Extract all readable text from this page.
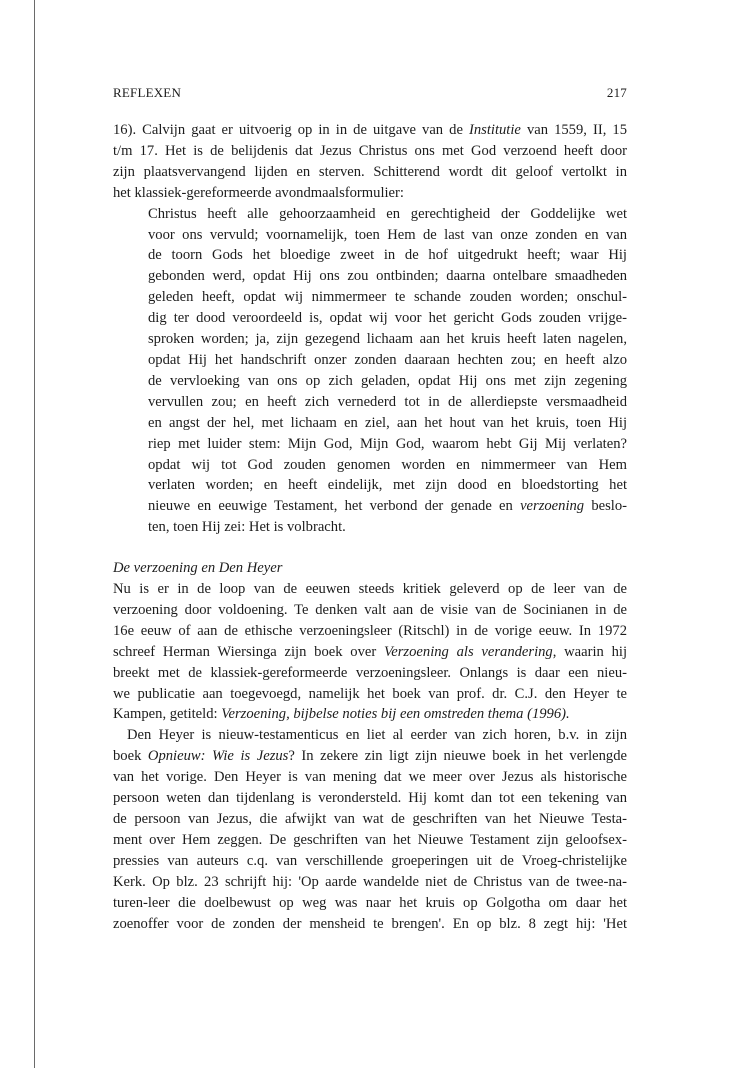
REFLEXEN	217
16). Calvijn gaat er uitvoerig op in in de uitgave van de Institutie van 1559, II, 15
t/m 17. Het is de belijdenis dat Jezus Christus ons met God verzoend heeft door
zijn plaatsvervangend lijden en sterven. Schitterend wordt dit geloof vertolkt in
het klassiek-gereformeerde avondmaalsformulier:
Christus heeft alle gehoorzaamheid en gerechtigheid der Goddelijke wet
voor ons vervuld; voornamelijk, toen Hem de last van onze zonden en van
de toorn Gods het bloedige zweet in de hof uitgedrukt heeft; waar Hij
gebonden werd, opdat Hij ons zou ontbinden; daarna ontelbare smaadheden
geleden heeft, opdat wij nimmermeer te schande zouden worden; onschul-
dig ter dood veroordeeld is, opdat wij voor het gericht Gods zouden vrijge-
sproken worden; ja, zijn gezegend lichaam aan het kruis heeft laten nagelen,
opdat Hij het handschrift onzer zonden daaraan hechten zou; en heeft alzo
de vervloeking van ons op zich geladen, opdat Hij ons met zijn zegening
vervullen zou; en heeft zich vernederd tot in de allerdiepste versmaadheid
en angst der hel, met lichaam en ziel, aan het hout van het kruis, toen Hij
riep met luider stem: Mijn God, Mijn God, waarom hebt Gij Mij verlaten?
opdat wij tot God zouden genomen worden en nimmermeer van Hem
verlaten worden; en heeft eindelijk, met zijn dood en bloedstorting het
nieuwe en eeuwige Testament, het verbond der genade en verzoening beslo-
ten, toen Hij zei: Het is volbracht.
De verzoening en Den Heyer
Nu is er in de loop van de eeuwen steeds kritiek geleverd op de leer van de
verzoening door voldoening. Te denken valt aan de visie van de Socinianen in de
16e eeuw of aan de ethische verzoeningsleer (Ritschl) in de vorige eeuw. In 1972
schreef Herman Wiersinga zijn boek over Verzoening als verandering, waarin hij
breekt met de klassiek-gereformeerde verzoeningsleer. Onlangs is daar een nieu-
we publicatie aan toegevoegd, namelijk het boek van prof. dr. C.J. den Heyer te
Kampen, getiteld: Verzoening, bijbelse noties bij een omstreden thema (1996).
Den Heyer is nieuw-testamenticus en liet al eerder van zich horen, b.v. in zijn
boek Opnieuw: Wie is Jezus? In zekere zin ligt zijn nieuwe boek in het verlengde
van het vorige. Den Heyer is van mening dat we meer over Jezus als historische
persoon weten dan tijdenlang is verondersteld. Hij komt dan tot een tekening van
de persoon van Jezus, die afwijkt van wat de geschriften van het Nieuwe Testa-
ment over Hem zeggen. De geschriften van het Nieuwe Testament zijn geloofsex-
pressies van auteurs c.q. van verschillende groeperingen uit de Vroeg-christelijke
Kerk. Op blz. 23 schrijft hij: 'Op aarde wandelde niet de Christus van de twee-na-
turen-leer die doelbewust op weg was naar het kruis op Golgotha om daar het
zoenoffer voor de zonden der mensheid te brengen'. En op blz. 8 zegt hij: 'Het
